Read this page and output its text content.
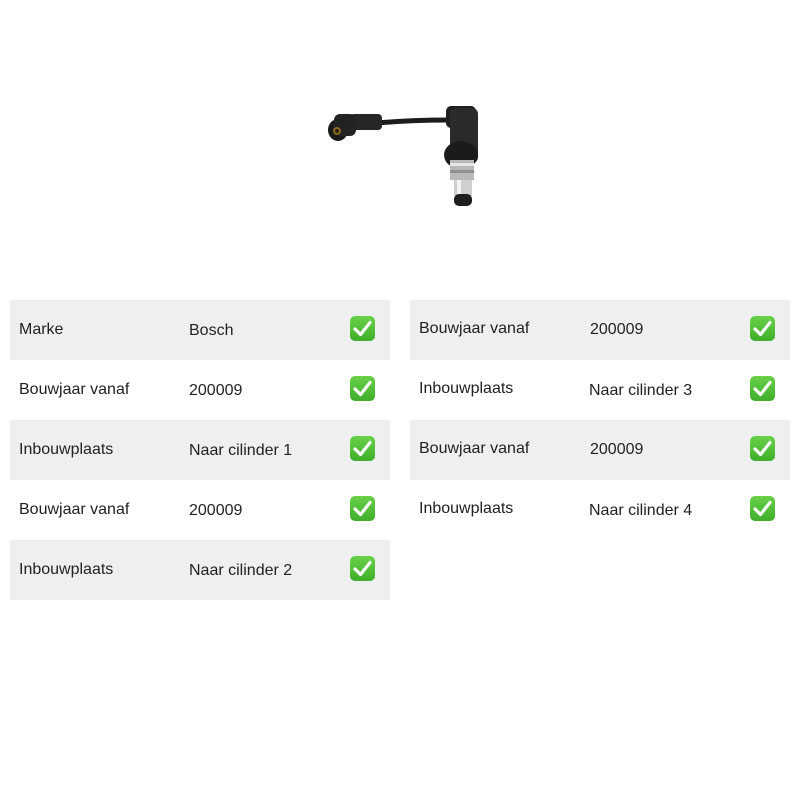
Marke	Bosch
Bouwjaar vanaf	200009
Inbouwplaats	Naar cilinder 1
Bouwjaar vanaf	200009
Inbouwplaats	Naar cilinder 2
Bouwjaar vanaf	200009
Inbouwplaats	Naar cilinder 3
Bouwjaar vanaf	200009
Inbouwplaats	Naar cilinder 4
